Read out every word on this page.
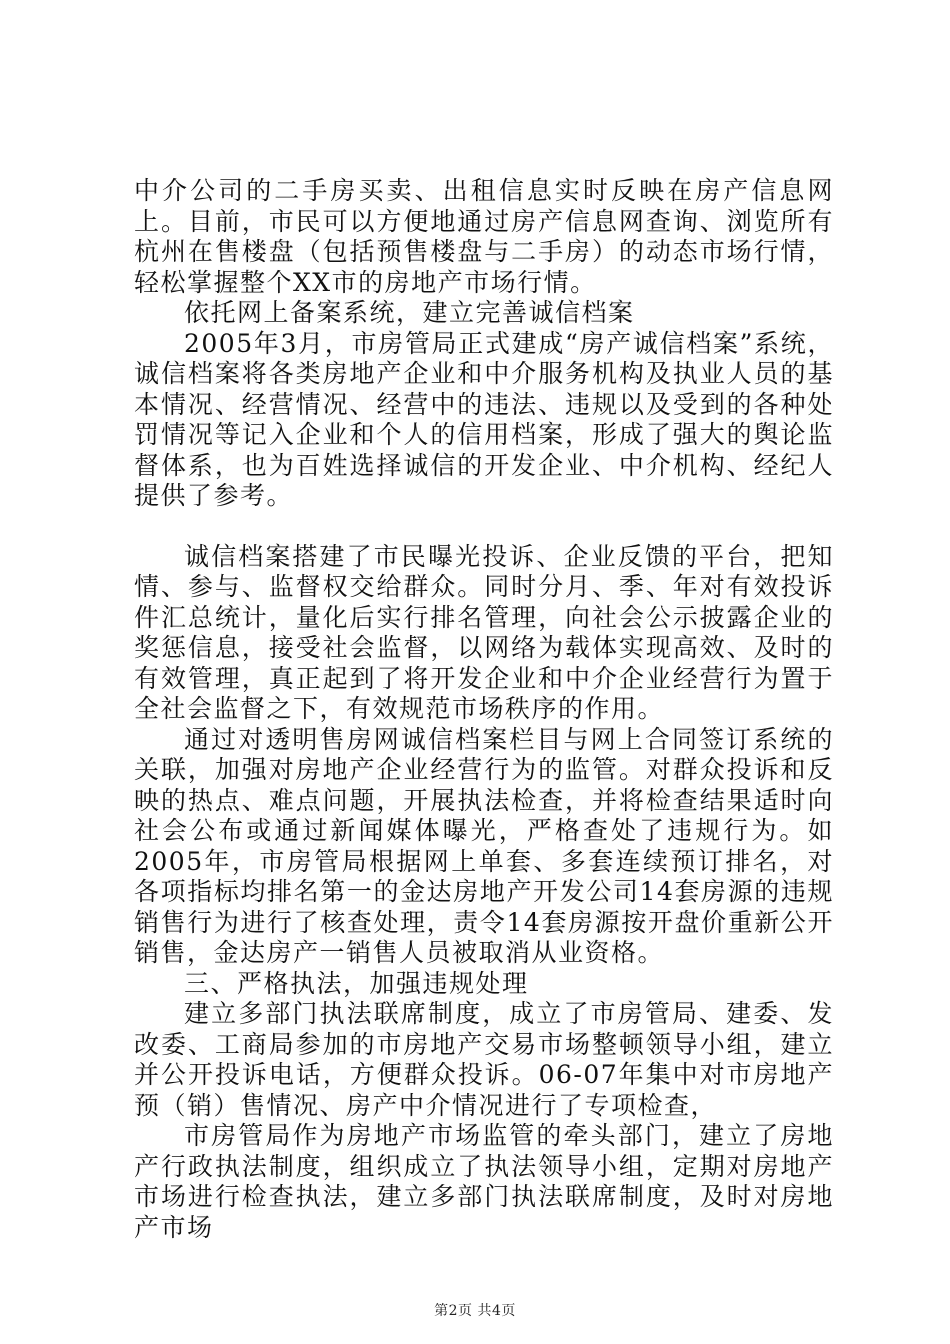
中介公司的二手房买卖、出租信息实时反映在房产信息网上。目前，市民可以方便地通过房产信息网查询、浏览所有杭州在售楼盘（包括预售楼盘与二手房）的动态市场行情，轻松掌握整个XX市的房地产市场行情。

依托网上备案系统，建立完善诚信档案

2005年3月，市房管局正式建成“房产诚信档案”系统，诚信档案将各类房地产企业和中介服务机构及执业人员的基本情况、经营情况、经营中的违法、违规以及受到的各种处罚情况等记入企业和个人的信用档案，形成了强大的舆论监督体系，也为百姓选择诚信的开发企业、中介机构、经纪人提供了参考。

诚信档案搭建了市民曝光投诉、企业反馈的平台，把知情、参与、监督权交给群众。同时分月、季、年对有效投诉件汇总统计，量化后实行排名管理，向社会公示披露企业的奖惩信息，接受社会监督，以网络为载体实现高效、及时的有效管理，真正起到了将开发企业和中介企业经营行为置于全社会监督之下，有效规范市场秩序的作用。

通过对透明售房网诚信档案栏目与网上合同签订系统的关联，加强对房地产企业经营行为的监管。对群众投诉和反映的热点、难点问题，开展执法检查，并将检查结果适时向社会公布或通过新闻媒体曝光，严格查处了违规行为。如2005年，市房管局根据网上单套、多套连续预订排名，对各项指标均排名第一的金达房地产开发公司14套房源的违规销售行为进行了核查处理，责令14套房源按开盘价重新公开销售，金达房产一销售人员被取消从业资格。

三、严格执法，加强违规处理

建立多部门执法联席制度，成立了市房管局、建委、发改委、工商局参加的市房地产交易市场整顿领导小组，建立并公开投诉电话，方便群众投诉。06-07年集中对市房地产预（销）售情况、房产中介情况进行了专项检查，

市房管局作为房地产市场监管的牵头部门，建立了房地产行政执法制度，组织成立了执法领导小组，定期对房地产市场进行检查执法，建立多部门执法联席制度，及时对房地产市场

第2页 共4页
